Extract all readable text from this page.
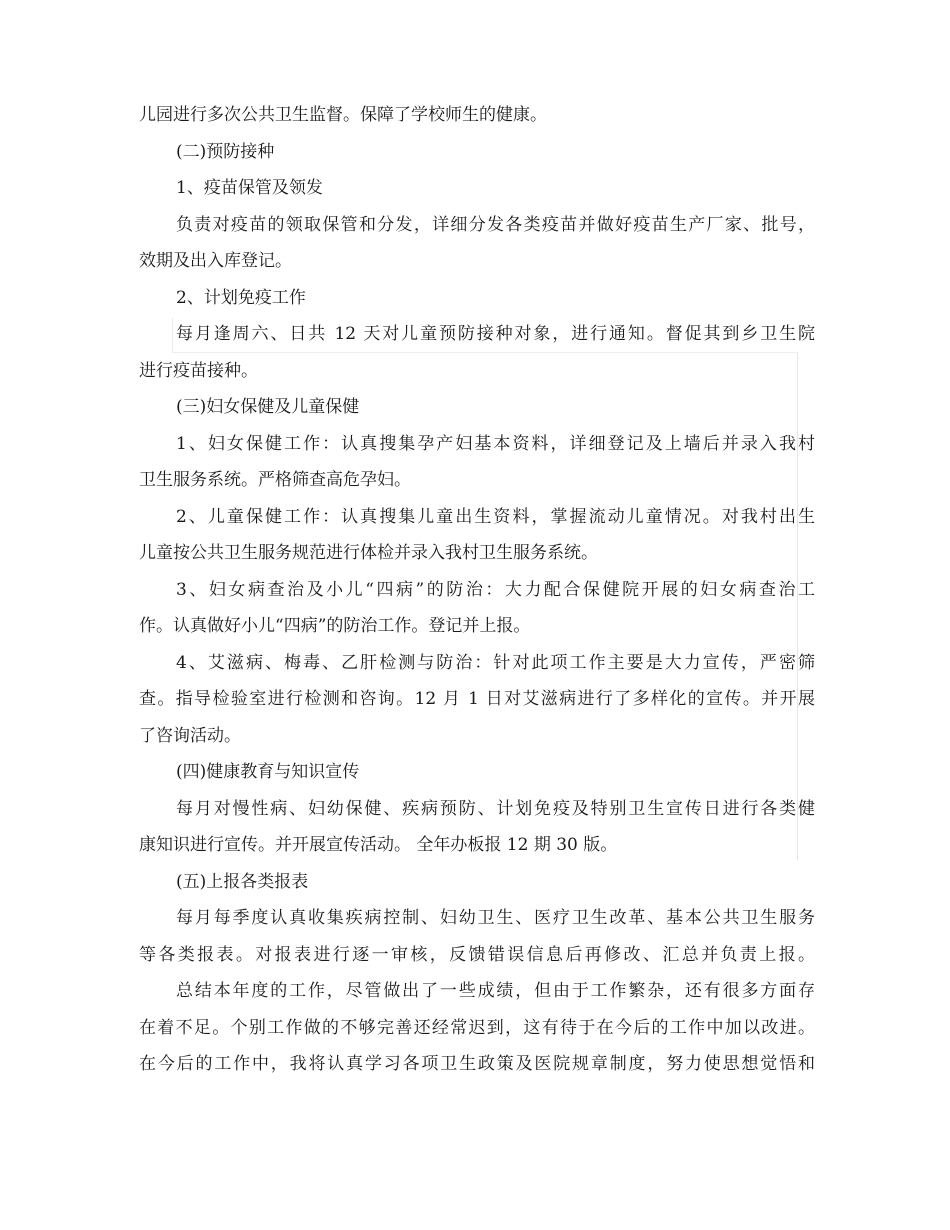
儿园进行多次公共卫生监督。保障了学校师生的健康。
(二)预防接种
1、疫苗保管及领发
负责对疫苗的领取保管和分发，详细分发各类疫苗并做好疫苗生产厂家、批号，
效期及出入库登记。
2、计划免疫工作
每月逢周六、日共 12 天对儿童预防接种对象，进行通知。督促其到乡卫生院
进行疫苗接种。
(三)妇女保健及儿童保健
1、妇女保健工作：认真搜集孕产妇基本资料，详细登记及上墙后并录入我村
卫生服务系统。严格筛查高危孕妇。
2、儿童保健工作：认真搜集儿童出生资料，掌握流动儿童情况。对我村出生
儿童按公共卫生服务规范进行体检并录入我村卫生服务系统。
3、妇女病查治及小儿“四病”的防治：大力配合保健院开展的妇女病查治工
作。认真做好小儿“四病”的防治工作。登记并上报。
4、艾滋病、梅毒、乙肝检测与防治：针对此项工作主要是大力宣传，严密筛
查。指导检验室进行检测和咨询。12 月 1 日对艾滋病进行了多样化的宣传。并开展
了咨询活动。
(四)健康教育与知识宣传
每月对慢性病、妇幼保健、疾病预防、计划免疫及特别卫生宣传日进行各类健
康知识进行宣传。并开展宣传活动。 全年办板报 12 期 30 版。
(五)上报各类报表
每月每季度认真收集疾病控制、妇幼卫生、医疗卫生改革、基本公共卫生服务
等各类报表。对报表进行逐一审核，反馈错误信息后再修改、汇总并负责上报。
总结本年度的工作，尽管做出了一些成绩，但由于工作繁杂，还有很多方面存
在着不足。个别工作做的不够完善还经常迟到，这有待于在今后的工作中加以改进。
在今后的工作中，我将认真学习各项卫生政策及医院规章制度，努力使思想觉悟和
